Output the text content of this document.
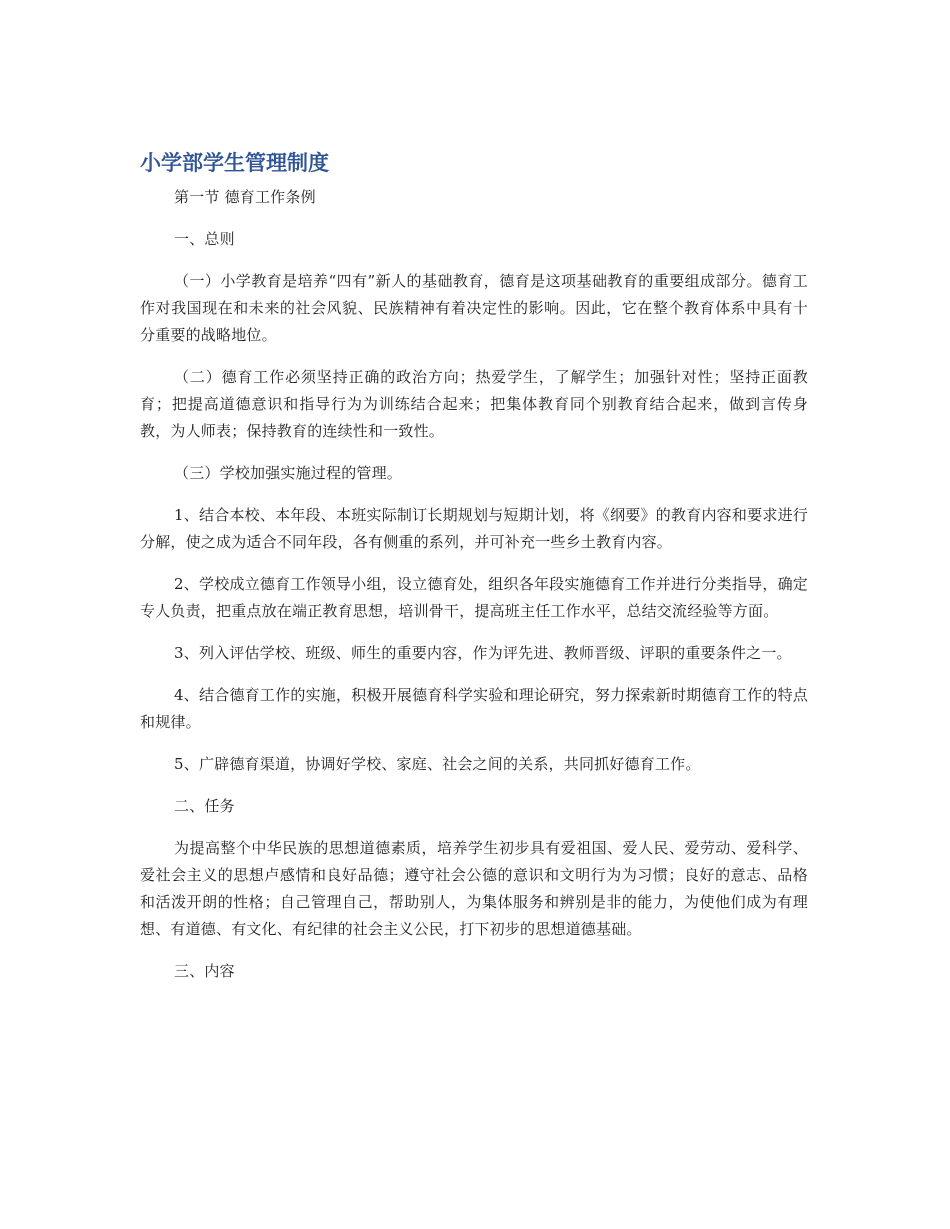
小学部学生管理制度

第一节 德育工作条例

一、总则

（一）小学教育是培养“四有”新人的基础教育，德育是这项基础教育的重要组成部分。德育工作对我国现在和未来的社会风貌、民族精神有着决定性的影响。因此，它在整个教育体系中具有十分重要的战略地位。

（二）德育工作必须坚持正确的政治方向；热爱学生，了解学生；加强针对性；坚持正面教育；把提高道德意识和指导行为为训练结合起来；把集体教育同个别教育结合起来，做到言传身教，为人师表；保持教育的连续性和一致性。

（三）学校加强实施过程的管理。

1、结合本校、本年段、本班实际制订长期规划与短期计划，将《纲要》的教育内容和要求进行分解，使之成为适合不同年段，各有侧重的系列，并可补充一些乡土教育内容。

2、学校成立德育工作领导小组，设立德育处，组织各年段实施德育工作并进行分类指导，确定专人负责，把重点放在端正教育思想，培训骨干，提高班主任工作水平，总结交流经验等方面。

3、列入评估学校、班级、师生的重要内容，作为评先进、教师晋级、评职的重要条件之一。

4、结合德育工作的实施，积极开展德育科学实验和理论研究，努力探索新时期德育工作的特点和规律。

5、广辟德育渠道，协调好学校、家庭、社会之间的关系，共同抓好德育工作。

二、任务

为提高整个中华民族的思想道德素质，培养学生初步具有爱祖国、爱人民、爱劳动、爱科学、爱社会主义的思想卢感情和良好品德；遵守社会公德的意识和文明行为为习惯；良好的意志、品格和活泼开朗的性格；自己管理自己，帮助别人，为集体服务和辨别是非的能力，为使他们成为有理想、有道德、有文化、有纪律的社会主义公民，打下初步的思想道德基础。

三、内容
